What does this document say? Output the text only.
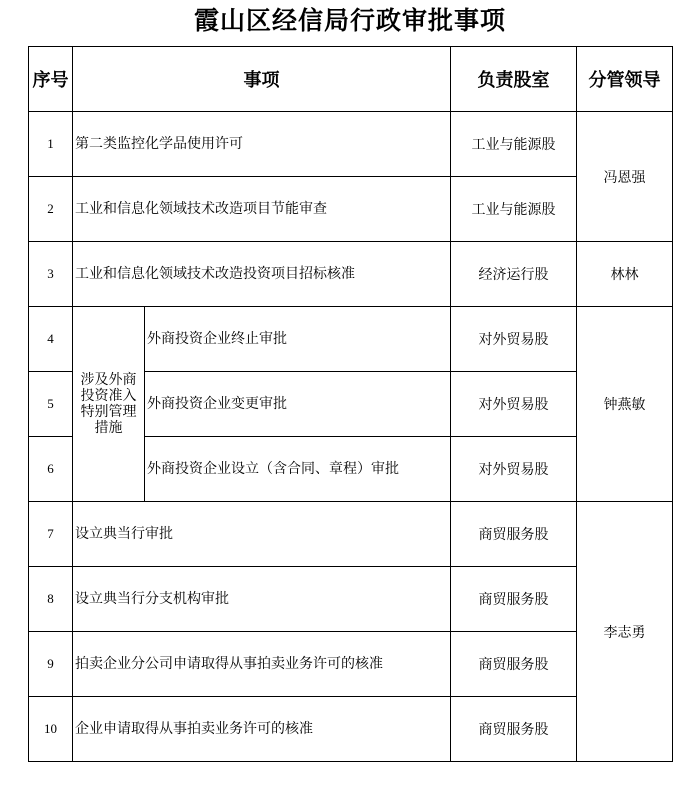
霞山区经信局行政审批事项
序号	事项		负责股室	分管领导
1	第二类监控化学品使用许可		工业与能源股	冯恩强
2	工业和信息化领域技术改造项目节能审查		工业与能源股	
3	工业和信息化领域技术改造投资项目招标核准		经济运行股	林林
4	涉及外商投资准入特别管理措施	外商投资企业终止审批	对外贸易股	钟燕敏
5		外商投资企业变更审批	对外贸易股	
6		外商投资企业设立（含合同、章程）审批	对外贸易股	
7	设立典当行审批		商贸服务股	李志勇
8	设立典当行分支机构审批		商贸服务股	
9	拍卖企业分公司申请取得从事拍卖业务许可的核准		商贸服务股	
10	企业申请取得从事拍卖业务许可的核准		商贸服务股	
